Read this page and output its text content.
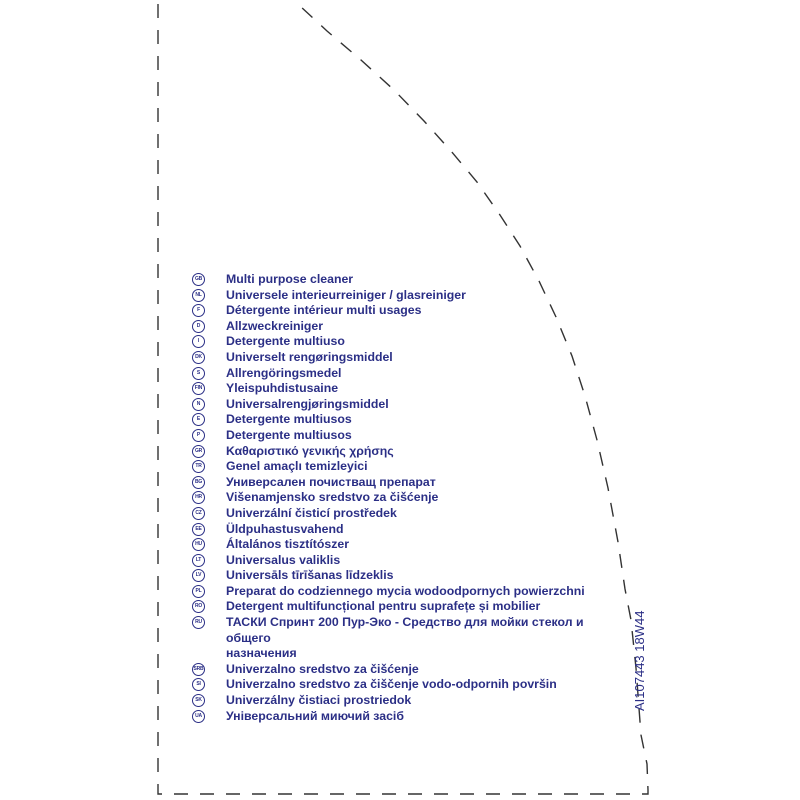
GB Multi purpose cleaner
NL Universele interieurreiniger / glasreiniger
F	Détergente intérieur multi usages
D	Allzweckreiniger
I	Detergente multiuso
DK Universelt rengøringsmiddel
S	Allrengöringsmedel
FIN Yleispuhdistusaine
N	Universalrengjøringsmiddel
E	Detergente multiusos
P	Detergente multiusos
GR Καθαριστικό γενικής χρήσης
TR Genel amaçlı temizleyici
BG Универсален почистващ препарат
HR Višenamjensko sredstvo za čišćenje
CZ Univerzální čisticí prostředek
EE Üldpuhastusvahend
HU Általános tisztítószer
LT	Universalus valiklis
LV Universāls tīrīšanas līdzeklis
PL Preparat do codziennego mycia wodoodpornych powierzchni
RO Detergent multifuncțional pentru suprafețe și mobilier
RU ТАСКИ Спринт 200 Пур-Эко - Средство для мойки стекол и общего
назначения
SRB Univerzalno sredstvo za čišćenje
SI	Univerzalno sredstvo za čiščenje vodo-odpornih površin
SK Univerzálny čistiaci prostriedok
UA Універсальний миючий засіб
AI107443 18W44
